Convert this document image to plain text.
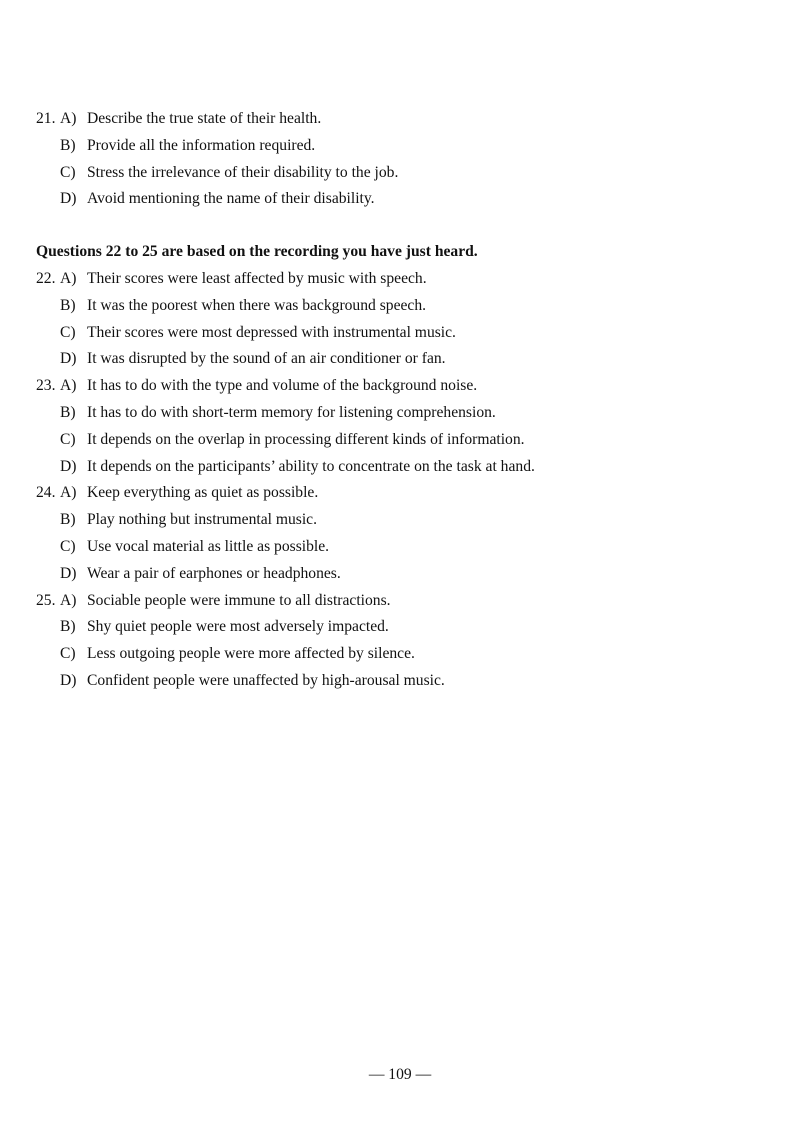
21. A) Describe the true state of their health.
B) Provide all the information required.
C) Stress the irrelevance of their disability to the job.
D) Avoid mentioning the name of their disability.
Questions 22 to 25 are based on the recording you have just heard.
22. A) Their scores were least affected by music with speech.
B) It was the poorest when there was background speech.
C) Their scores were most depressed with instrumental music.
D) It was disrupted by the sound of an air conditioner or fan.
23. A) It has to do with the type and volume of the background noise.
B) It has to do with short-term memory for listening comprehension.
C) It depends on the overlap in processing different kinds of information.
D) It depends on the participants’ ability to concentrate on the task at hand.
24. A) Keep everything as quiet as possible.
B) Play nothing but instrumental music.
C) Use vocal material as little as possible.
D) Wear a pair of earphones or headphones.
25. A) Sociable people were immune to all distractions.
B) Shy quiet people were most adversely impacted.
C) Less outgoing people were more affected by silence.
D) Confident people were unaffected by high-arousal music.
— 109 —
